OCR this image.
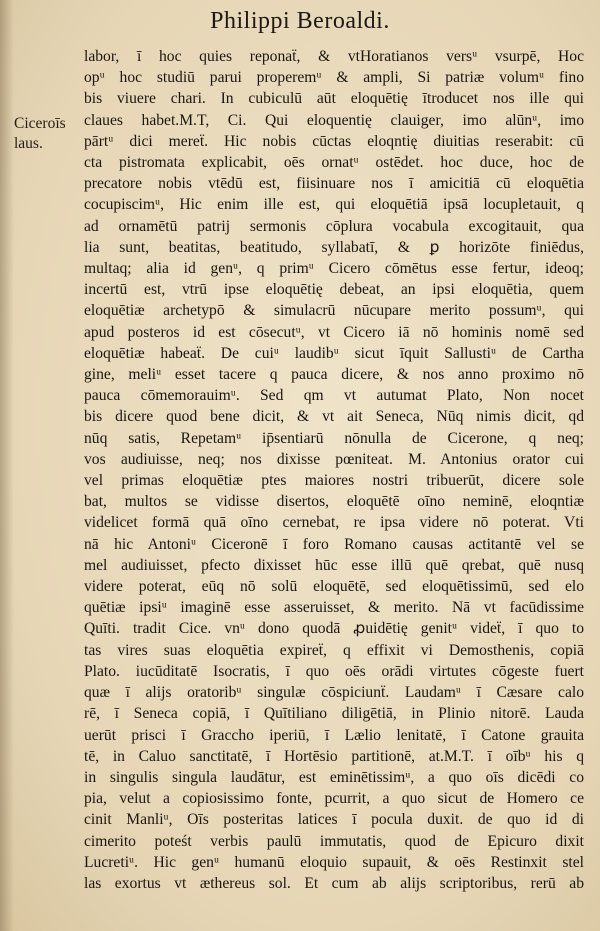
Philippi Beroaldi.
Ciceroīs
laus.
labor, ī hoc quies reponaẗ, & vtHoratianos versᵘ vsurpē, Hoc
opᵘ hoc studiū parui properemᵘ & ampli, Si patriæ volumᵘ fino
bis viuere chari. In cubiculū aūt eloquētię ītroducet nos ille qui
claues habet.M.T, Ci. Qui eloquentię clauiger, imo alūnᵘ, imo
pārtᵘ dici mereẗ. Hic nobis cūctas eloqntię diuitias reserabit: cū
cta pistromata explicabit, oēs ornatᵘ ostēdet. hoc duce, hoc de
precatore nobis vtēdū est, fiisinuare nos ī amicitiā cū eloquētia
cocupiscimᵘ, Hic enim ille est, qui eloquētiā ipsā locupletauit, q
ad ornamētū patrij sermonis cōplura vocabula excogitauit, qua
lia sunt, beatitas, beatitudo, syllabatī, & ꝑ horizōte finiēdus,
multaq; alia id genᵘ, q primᵘ Cicero cōmētus esse fertur, ideoq;
incertū est, vtrū ipse eloquētię debeat, an ipsi eloquētia, quem
eloquētiæ archetypō & simulacrū nūcupare merito possumᵘ, qui
apud posteros id est cōsecutᵘ, vt Cicero iā nō hominis nomē sed
eloquētiæ habeaẗ. De cuiᵘ laudibᵘ sicut īquit Sallustiᵘ de Cartha
gine, meliᵘ esset tacere q pauca dicere, & nos anno proximo nō
pauca cōmemorauimᵘ. Sed qm vt autumat Plato, Non nocet
bis dicere quod bene dicit, & vt ait Seneca, Nūq nimis dicit, qd
nūq satis, Repetamᵘ ip̄sentiarū nōnulla de Cicerone, q neq;
vos audiuisse, neq; nos dixisse pœniteat. M. Antonius orator cui
vel primas eloquētiæ ptes maiores nostri tribuerūt, dicere sole
bat, multos se vidisse disertos, eloquētē oīno neminē, eloqntiæ
videlicet formā quā oīno cernebat, re ipsa videre nō poterat. Vti
nā hic Antoniᵘ Ciceronē ī foro Romano causas actitantē vel se
mel audiuisset, pfecto dixisset hūc esse illū quē qrebat, quē nusq
videre poterat, eūq nō solū eloquētē, sed eloquētissimū, sed elo
quētiæ ipsiᵘ imaginē esse asseruisset, & merito. Nā vt facūdissime
Quīti. tradit Cice. vnᵘ dono quodā ꝓuidētię genitᵘ videẗ, ī quo to
tas vires suas eloquētia expireẗ, q effixit vi Demosthenis, copiā
Plato. iucūditatē Isocratis, ī quo oēs orādi virtutes cōgeste fuert
quæ ī alijs oratoribᵘ singulæ cōspiciunẗ. Laudamᵘ ī Cæsare calo
rē, ī Seneca copiā, ī Quītiliano diligētiā, in Plinio nitorē. Lauda
uerūt prisci ī Graccho iperiū, ī Lælio lenitatē, ī Catone grauita
tē, in Caluo sanctitatē, ī Hortēsio partitionē, at.M.T. ī oībᵘ his q
in singulis singula laudātur, est eminētissimᵘ, a quo oīs dicēdi co
pia, velut a copiosissimo fonte, pcurrit, a quo sicut de Homero ce
cinit Manliᵘ, Oīs posteritas latices ī pocula duxit. de quo id di
cimerito poteśt verbis paulū immutatis, quod de Epicuro dixit
Lucretiᵘ. Hic genᵘ humanū eloquio supauit, & oēs Restinxit stel
las exortus vt æthereus sol. Et cum ab alijs scriptoribus, rerū ab
